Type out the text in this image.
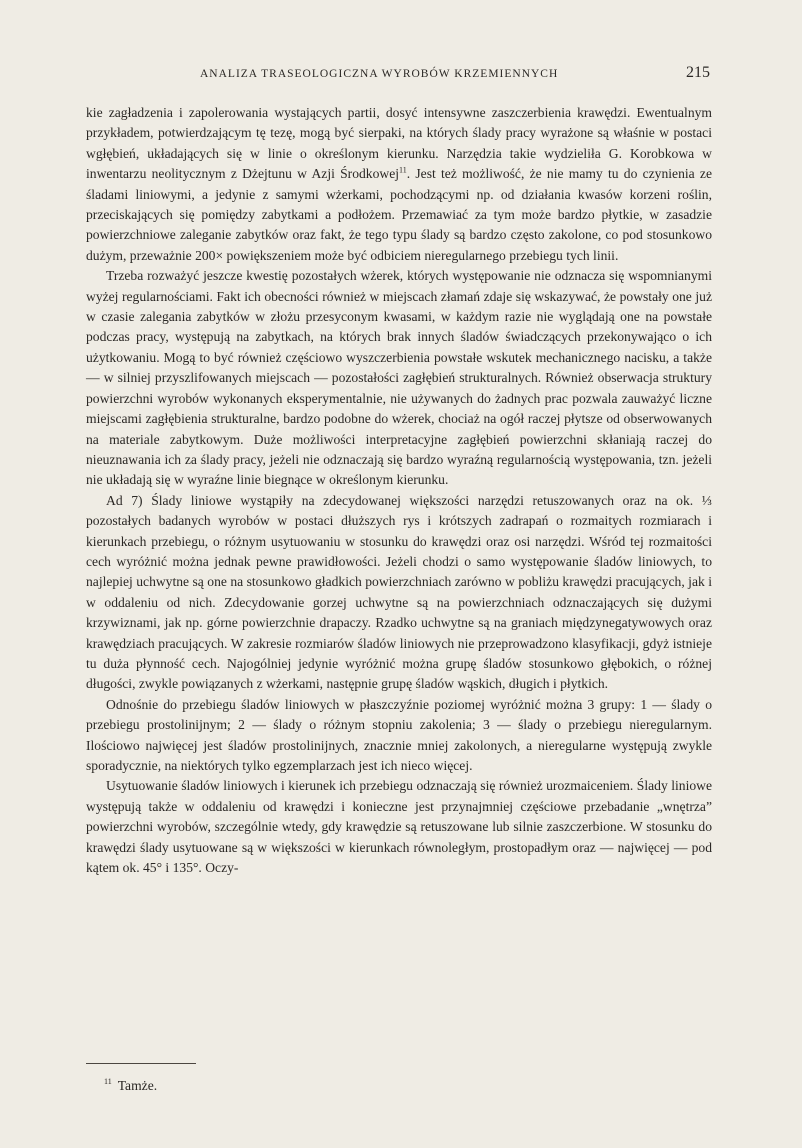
ANALIZA TRASEOLOGICZNA WYROBÓW KRZEMIENNYCH	215

kie zagładzenia i zapolerowania wystających partii, dosyć intensywne zaszczerbienia krawędzi. Ewentualnym przykładem, potwierdzającym tę tezę, mogą być sierpaki, na których ślady pracy wyrażone są właśnie w postaci wgłębień, układających się w linie o określonym kierunku. Narzędzia takie wydzieliła G. Korobkowa w inwentarzu neolitycznym z Dżejtunu w Azji Środkowej$^{11}$. Jest też możliwość, że nie mamy tu do czynienia ze śladami liniowymi, a jedynie z samymi wżerkami, pochodzącymi np. od działania kwasów korzeni roślin, przeciskających się pomiędzy zabytkami a podłożem. Przemawiać za tym może bardzo płytkie, w zasadzie powierzchniowe zaleganie zabytków oraz fakt, że tego typu ślady są bardzo często zakolone, co pod stosunkowo dużym, przeważnie 200× powiększeniem może być odbiciem nieregularnego przebiegu tych linii.

Trzeba rozważyć jeszcze kwestię pozostałych wżerek, których występowanie nie odznacza się wspomnianymi wyżej regularnościami. Fakt ich obecności również w miejscach złamań zdaje się wskazywać, że powstały one już w czasie zalegania zabytków w złożu przesyconym kwasami, w każdym razie nie wyglądają one na powstałe podczas pracy, występują na zabytkach, na których brak innych śladów świadczących przekonywająco o ich użytkowaniu. Mogą to być również częściowo wyszczerbienia powstałe wskutek mechanicznego nacisku, a także — w silniej przyszlifowanych miejscach — pozostałości zagłębień strukturalnych. Również obserwacja struktury powierzchni wyrobów wykonanych eksperymentalnie, nie używanych do żadnych prac pozwala zauważyć liczne miejscami zagłębienia strukturalne, bardzo podobne do wżerek, chociaż na ogół raczej płytsze od obserwowanych na materiale zabytkowym. Duże możliwości interpretacyjne zagłębień powierzchni skłaniają raczej do nieuznawania ich za ślady pracy, jeżeli nie odznaczają się bardzo wyraźną regularnością występowania, tzn. jeżeli nie układają się w wyraźne linie biegnące w określonym kierunku.

Ad 7) Ślady liniowe wystąpiły na zdecydowanej większości narzędzi retuszowanych oraz na ok. ⅓ pozostałych badanych wyrobów w postaci dłuższych rys i krótszych zadrapań o rozmaitych rozmiarach i kierunkach przebiegu, o różnym usytuowaniu w stosunku do krawędzi oraz osi narzędzi. Wśród tej rozmaitości cech wyróżnić można jednak pewne prawidłowości. Jeżeli chodzi o samo występowanie śladów liniowych, to najlepiej uchwytne są one na stosunkowo gładkich powierzchniach zarówno w pobliżu krawędzi pracujących, jak i w oddaleniu od nich. Zdecydowanie gorzej uchwytne są na powierzchniach odznaczających się dużymi krzywiznami, jak np. górne powierzchnie drapaczy. Rzadko uchwytne są na graniach międzynegatywowych oraz krawędziach pracujących. W zakresie rozmiarów śladów liniowych nie przeprowadzono klasyfikacji, gdyż istnieje tu duża płynność cech. Najogólniej jedynie wyróżnić można grupę śladów stosunkowo głębokich, o różnej długości, zwykle powiązanych z wżerkami, następnie grupę śladów wąskich, długich i płytkich.

Odnośnie do przebiegu śladów liniowych w płaszczyźnie poziomej wyróżnić można 3 grupy: 1 — ślady o przebiegu prostolinijnym; 2 — ślady o różnym stopniu zakolenia; 3 — ślady o przebiegu nieregularnym. Ilościowo najwięcej jest śladów prostolinijnych, znacznie mniej zakolonych, a nieregularne występują zwykle sporadycznie, na niektórych tylko egzemplarzach jest ich nieco więcej.

Usytuowanie śladów liniowych i kierunek ich przebiegu odznaczają się również urozmaiceniem. Ślady liniowe występują także w oddaleniu od krawędzi i konieczne jest przynajmniej częściowe przebadanie „wnętrza” powierzchni wyrobów, szczególnie wtedy, gdy krawędzie są retuszowane lub silnie zaszczerbione. W stosunku do krawędzi ślady usytuowane są w większości w kierunkach równoległym, prostopadłym oraz — najwięcej — pod kątem ok. 45° i 135°. Oczy-

$^{11}$ Tamże.
